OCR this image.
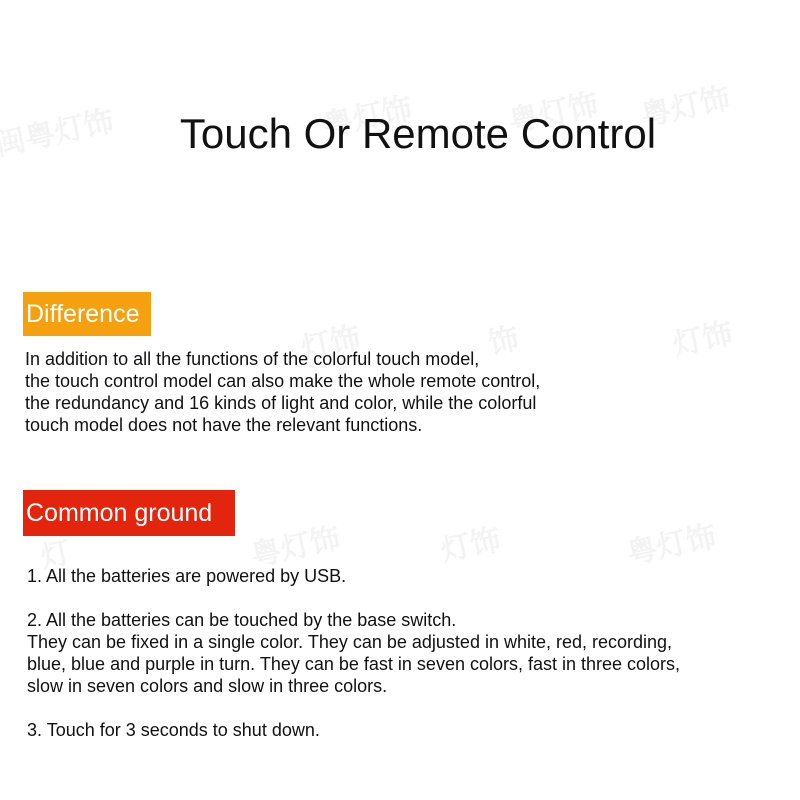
Touch Or Remote Control
Difference
In addition to all the functions of the colorful touch model,
the touch control model can also make the whole remote control,
the redundancy and 16 kinds of light and color, while the colorful
touch model does not have the relevant functions.
Common ground
1. All the batteries are powered by USB.
2. All the batteries can be touched by the base switch.
They can be fixed in a single color. They can be adjusted in white, red, recording,
blue, blue and purple in turn. They can be fast in seven colors, fast in three colors,
slow in seven colors and slow in three colors.
3. Touch for 3 seconds to shut down.
